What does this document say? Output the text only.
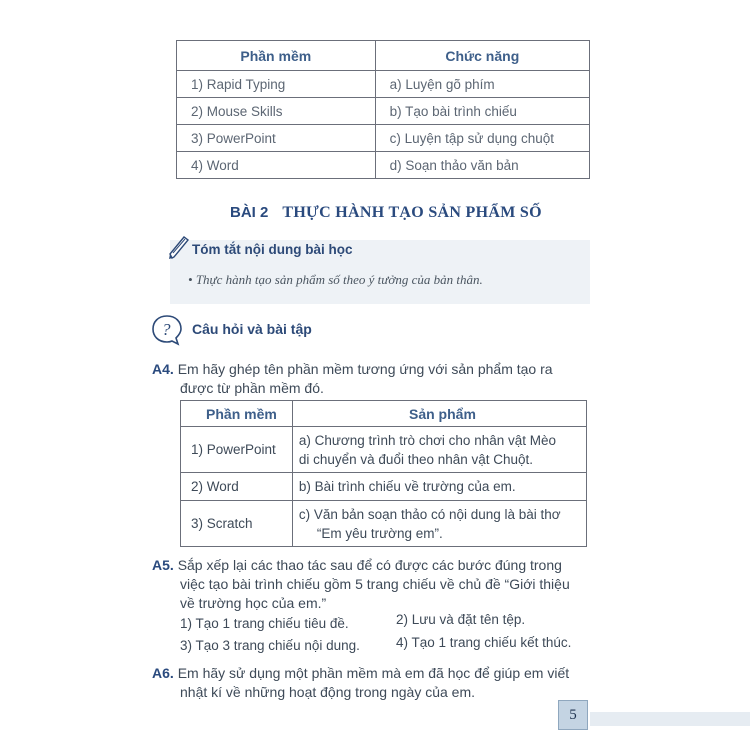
Phần mềm	Chức năng
1) Rapid Typing	a) Luyện gõ phím
2) Mouse Skills	b) Tạo bài trình chiếu
3) PowerPoint	c) Luyện tập sử dụng chuột
4) Word	d) Soạn thảo văn bản
BÀI 2 THỰC HÀNH TẠO SẢN PHẨM SỐ
Tóm tắt nội dung bài học
• Thực hành tạo sản phẩm số theo ý tưởng của bản thân.
? Câu hỏi và bài tập
A4. Em hãy ghép tên phần mềm tương ứng với sản phẩm tạo ra
được từ phần mềm đó.
Phần mềm	Sản phẩm
1) PowerPoint	a) Chương trình trò chơi cho nhân vật Mèo
di chuyển và đuổi theo nhân vật Chuột.

2) Word	b) Bài trình chiếu về trường của em.
3) Scratch	c) Văn bản soạn thảo có nội dung là bài thơ
“Em yêu trường em”.
A5. Sắp xếp lại các thao tác sau để có được các bước đúng trong
việc tạo bài trình chiếu gồm 5 trang chiếu về chủ đề “Giới thiệu
về trường học của em.”
1) Tạo 1 trang chiếu tiêu đề.	2) Lưu và đặt tên tệp.
3) Tạo 3 trang chiếu nội dung.	4) Tạo 1 trang chiếu kết thúc.
A6. Em hãy sử dụng một phần mềm mà em đã học để giúp em viết
nhật kí về những hoạt động trong ngày của em.
5
